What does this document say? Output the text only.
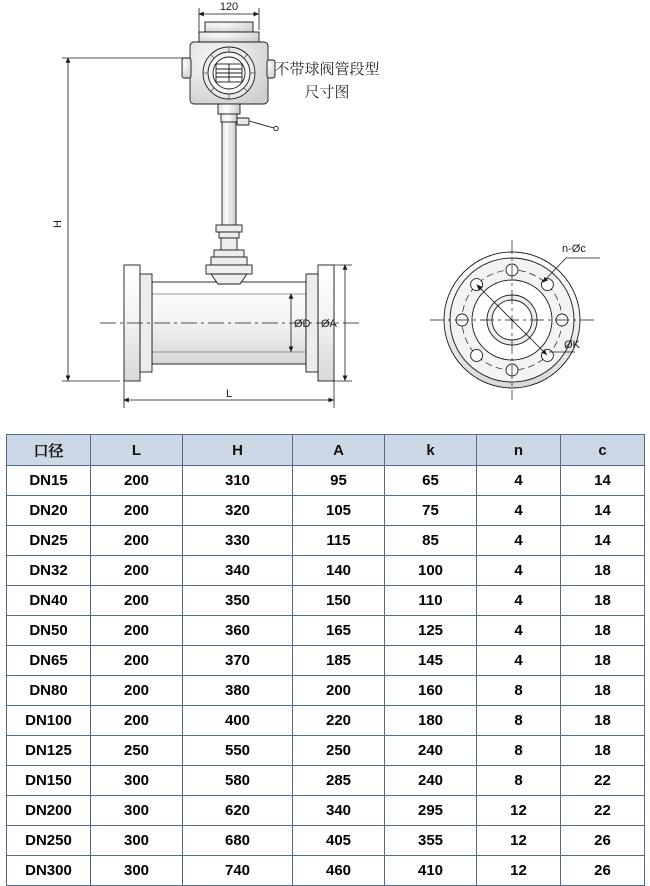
120
H
L
ØD ØA
n-Øc
ØK
不带球阀管段型
尺寸图
口径	L	H	A	k	n	c
DN15	200	310	95	65	4	14
DN20	200	320	105	75	4	14
DN25	200	330	115	85	4	14
DN32	200	340	140	100	4	18
DN40	200	350	150	110	4	18
DN50	200	360	165	125	4	18
DN65	200	370	185	145	4	18
DN80	200	380	200	160	8	18
DN100	200	400	220	180	8	18
DN125	250	550	250	240	8	18
DN150	300	580	285	240	8	22
DN200	300	620	340	295	12	22
DN250	300	680	405	355	12	26
DN300	300	740	460	410	12	26
